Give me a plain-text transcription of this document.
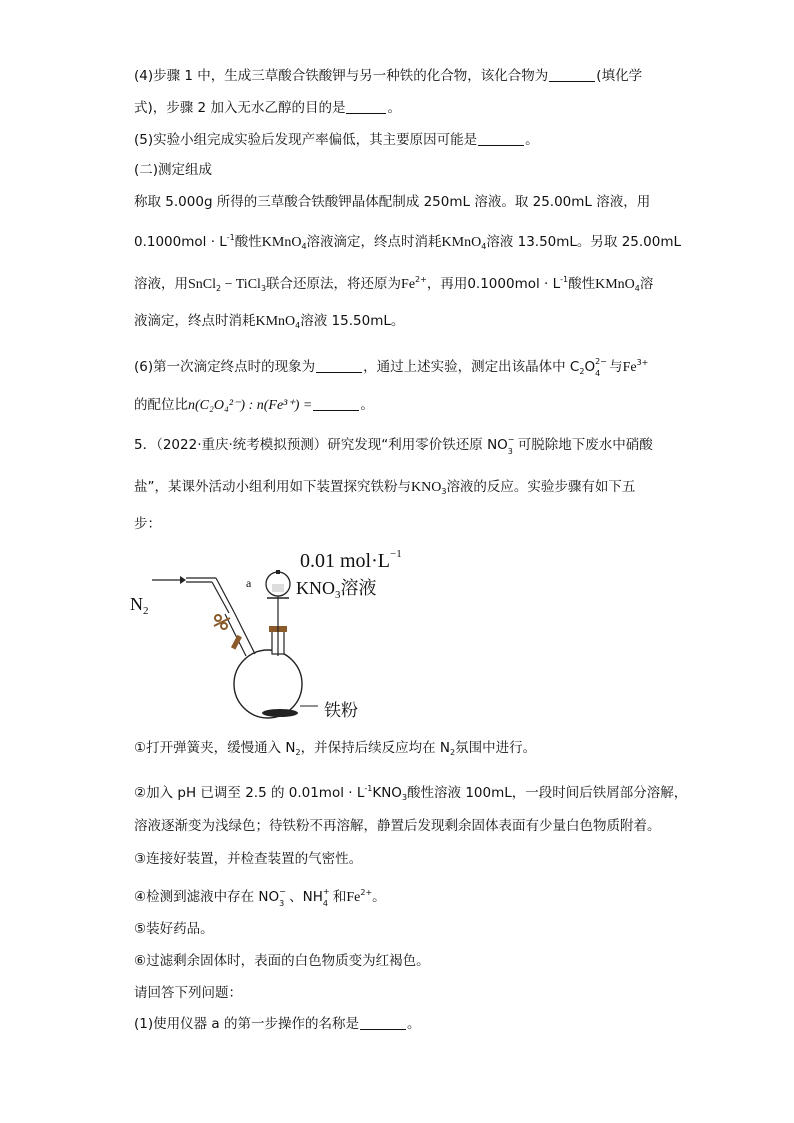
(4)步骤 1 中，生成三草酸合铁酸钾与另一种铁的化合物，该化合物为	(填化学
式)，步骤 2 加入无水乙醇的目的是	。
(5)实验小组完成实验后发现产率偏低，其主要原因可能是	。
(二)测定组成
称取 5.000g 所得的三草酸合铁酸钾晶体配制成 250mL 溶液。取 25.00mL 溶液，用
$0.1000mol \cdot L^{-1}$酸性KMnO$_4$溶液滴定，终点时消耗KMnO$_4$溶液 13.50mL。另取 25.00mL
溶液，用SnCl$_2$ − TiCl$_3$联合还原法，将还原为$Fe^{2+}$，再用$0.1000mol \cdot L^{-1}$酸性KMnO$_4$溶
液滴定，终点时消耗KMnO$_4$溶液 15.50mL。
(6)第一次滴定终点时的现象为	，通过上述实验，测定出该晶体中 $C_2O$ 2−
4 与$Fe^{3+}$
的配位比n(C₂O₄²⁻) : n(Fe³⁺) =	。
5．（2022·重庆·统考模拟预测）研究发现“利用零价铁还原 NO −
3 可脱除地下废水中硝酸
盐”，某课外活动小组利用如下装置探究铁粉与$KNO_3$溶液的反应。实验步骤有如下五
步：
0.01 $mol\cdot L^{-1}$
a $KNO_3$溶液
$N_2$
铁粉
①打开弹簧夹，缓慢通入 $N_2$，并保持后续反应均在 $N_2$氛围中进行。
②加入 pH 已调至 2.5 的 $0.01mol \cdot L^{-1}KNO_3$酸性溶液 100mL，一段时间后铁屑部分溶解，
溶液逐渐变为浅绿色；待铁粉不再溶解，静置后发现剩余固体表面有少量白色物质附着。
③连接好装置，并检查装置的气密性。
④检测到滤液中存在 NO −
3 、NH +
4 和$Fe^{2+}$。
⑤装好药品。
⑥过滤剩余固体时，表面的白色物质变为红褐色。
请回答下列问题：
(1)使用仪器 a 的第一步操作的名称是	。
